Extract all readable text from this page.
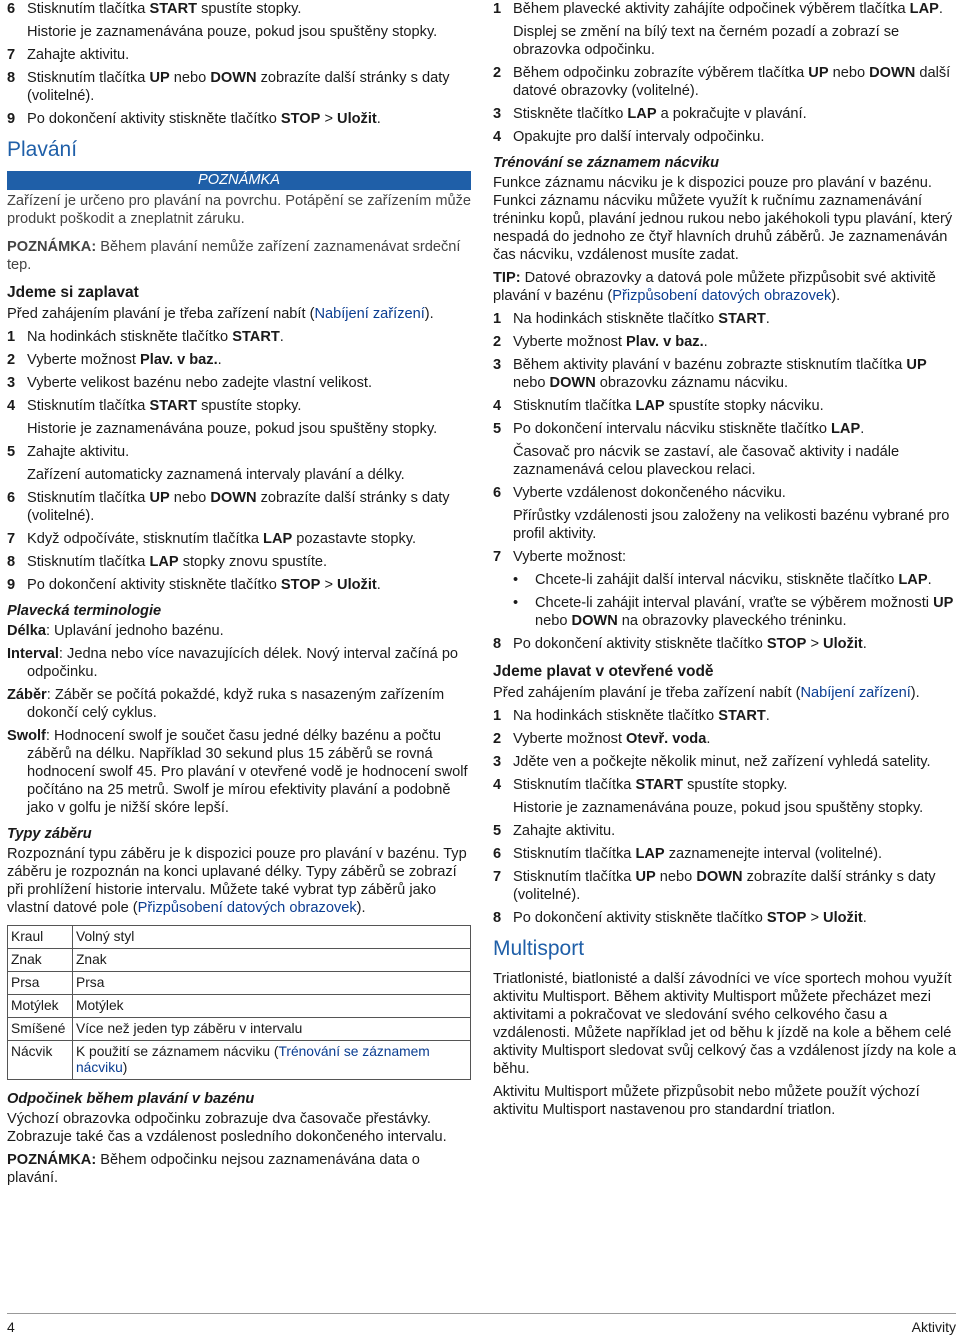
6 Stisknutím tlačítka START spustíte stopky.
Historie je zaznamenávána pouze, pokud jsou spuštěny stopky.
7 Zahajte aktivitu.
8 Stisknutím tlačítka UP nebo DOWN zobrazíte další stránky s daty (volitelné).
9 Po dokončení aktivity stiskněte tlačítko STOP > Uložit.
Plavání
POZNÁMKA
Zařízení je určeno pro plavání na povrchu. Potápění se zařízením může produkt poškodit a zneplatnit záruku.

POZNÁMKA: Během plavání nemůže zařízení zaznamenávat srdeční tep.

Jdeme si zaplavat

Před zahájením plavání je třeba zařízení nabít (Nabíjení zařízení).

1 Na hodinkách stiskněte tlačítko START.
2 Vyberte možnost Plav. v baz..
3 Vyberte velikost bazénu nebo zadejte vlastní velikost.
4 Stisknutím tlačítka START spustíte stopky.
Historie je zaznamenávána pouze, pokud jsou spuštěny stopky.
5 Zahajte aktivitu.
Zařízení automaticky zaznamená intervaly plavání a délky.
6 Stisknutím tlačítka UP nebo DOWN zobrazíte další stránky s daty (volitelné).
7 Když odpočíváte, stisknutím tlačítka LAP pozastavte stopky.
8 Stisknutím tlačítka LAP stopky znovu spustíte.
9 Po dokončení aktivity stiskněte tlačítko STOP > Uložit.
Plavecká terminologie

Délka: Uplavání jednoho bazénu.

Interval: Jedna nebo více navazujících délek. Nový interval začíná po odpočinku.

Záběr: Záběr se počítá pokaždé, když ruka s nasazeným zařízením dokončí celý cyklus.

Swolf: Hodnocení swolf je součet času jedné délky bazénu a počtu záběrů na délku. Například 30 sekund plus 15 záběrů se rovná hodnocení swolf 45. Pro plavání v otevřené vodě je hodnocení swolf počítáno na 25 metrů. Swolf je mírou efektivity plavání a podobně jako v golfu je nižší skóre lepší.

Typy záběru

Rozpoznání typu záběru je k dispozici pouze pro plavání v bazénu. Typ záběru je rozpoznán na konci uplavané délky. Typy záběrů se zobrazí při prohlížení historie intervalu. Můžete také vybrat typ záběrů jako vlastní datové pole (Přizpůsobení datových obrazovek).

Kraul	Volný styl
Znak	Znak
Prsa	Prsa
Motýlek	Motýlek
Smíšené	Více než jeden typ záběru v intervalu
Nácvik	K použití se záznamem nácviku (Trénování se záznamem nácviku)
Odpočinek během plavání v bazénu

Výchozí obrazovka odpočinku zobrazuje dva časovače přestávky. Zobrazuje také čas a vzdálenost posledního dokončeného intervalu.

POZNÁMKA: Během odpočinku nejsou zaznamenávána data o plavání.

1 Během plavecké aktivity zahájíte odpočinek výběrem tlačítka LAP.
Displej se změní na bílý text na černém pozadí a zobrazí se obrazovka odpočinku.
2 Během odpočinku zobrazíte výběrem tlačítka UP nebo DOWN další datové obrazovky (volitelné).
3 Stiskněte tlačítko LAP a pokračujte v plavání.
4 Opakujte pro další intervaly odpočinku.
Trénování se záznamem nácviku

Funkce záznamu nácviku je k dispozici pouze pro plavání v bazénu. Funkci záznamu nácviku můžete využít k ručnímu zaznamenávání tréninku kopů, plavání jednou rukou nebo jakéhokoli typu plavání, který nespadá do jednoho ze čtyř hlavních druhů záběrů. Je zaznamenáván čas nácviku, vzdálenost musíte zadat.

TIP: Datové obrazovky a datová pole můžete přizpůsobit své aktivitě plavání v bazénu (Přizpůsobení datových obrazovek).

1 Na hodinkách stiskněte tlačítko START.
2 Vyberte možnost Plav. v baz..
3 Během aktivity plavání v bazénu zobrazte stisknutím tlačítka UP nebo DOWN obrazovku záznamu nácviku.
4 Stisknutím tlačítka LAP spustíte stopky nácviku.
5 Po dokončení intervalu nácviku stiskněte tlačítko LAP.
Časovač pro nácvik se zastaví, ale časovač aktivity i nadále zaznamenává celou plaveckou relaci.
6 Vyberte vzdálenost dokončeného nácviku.
Přírůstky vzdálenosti jsou založeny na velikosti bazénu vybrané pro profil aktivity.
7 Vyberte možnost:
•	Chcete-li zahájit další interval nácviku, stiskněte tlačítko LAP.
•	Chcete-li zahájit interval plavání, vraťte se výběrem možnosti UP nebo DOWN na obrazovky plaveckého tréninku.
8 Po dokončení aktivity stiskněte tlačítko STOP > Uložit.
Jdeme plavat v otevřené vodě

Před zahájením plavání je třeba zařízení nabít (Nabíjení zařízení).

1 Na hodinkách stiskněte tlačítko START.
2 Vyberte možnost Otevř. voda.
3 Jděte ven a počkejte několik minut, než zařízení vyhledá satelity.
4 Stisknutím tlačítka START spustíte stopky.
Historie je zaznamenávána pouze, pokud jsou spuštěny stopky.
5 Zahajte aktivitu.
6 Stisknutím tlačítka LAP zaznamenejte interval (volitelné).
7 Stisknutím tlačítka UP nebo DOWN zobrazíte další stránky s daty (volitelné).
8 Po dokončení aktivity stiskněte tlačítko STOP > Uložit.
Multisport

Triatlonisté, biatlonisté a další závodníci ve více sportech mohou využít aktivitu Multisport. Během aktivity Multisport můžete přecházet mezi aktivitami a pokračovat ve sledování svého celkového času a vzdálenosti. Můžete například jet od běhu k jízdě na kole a během celé aktivity Multisport sledovat svůj celkový čas a vzdálenost jízdy na kole a běhu.

Aktivitu Multisport můžete přizpůsobit nebo můžete použít výchozí aktivitu Multisport nastavenou pro standardní triatlon.

4	Aktivity
